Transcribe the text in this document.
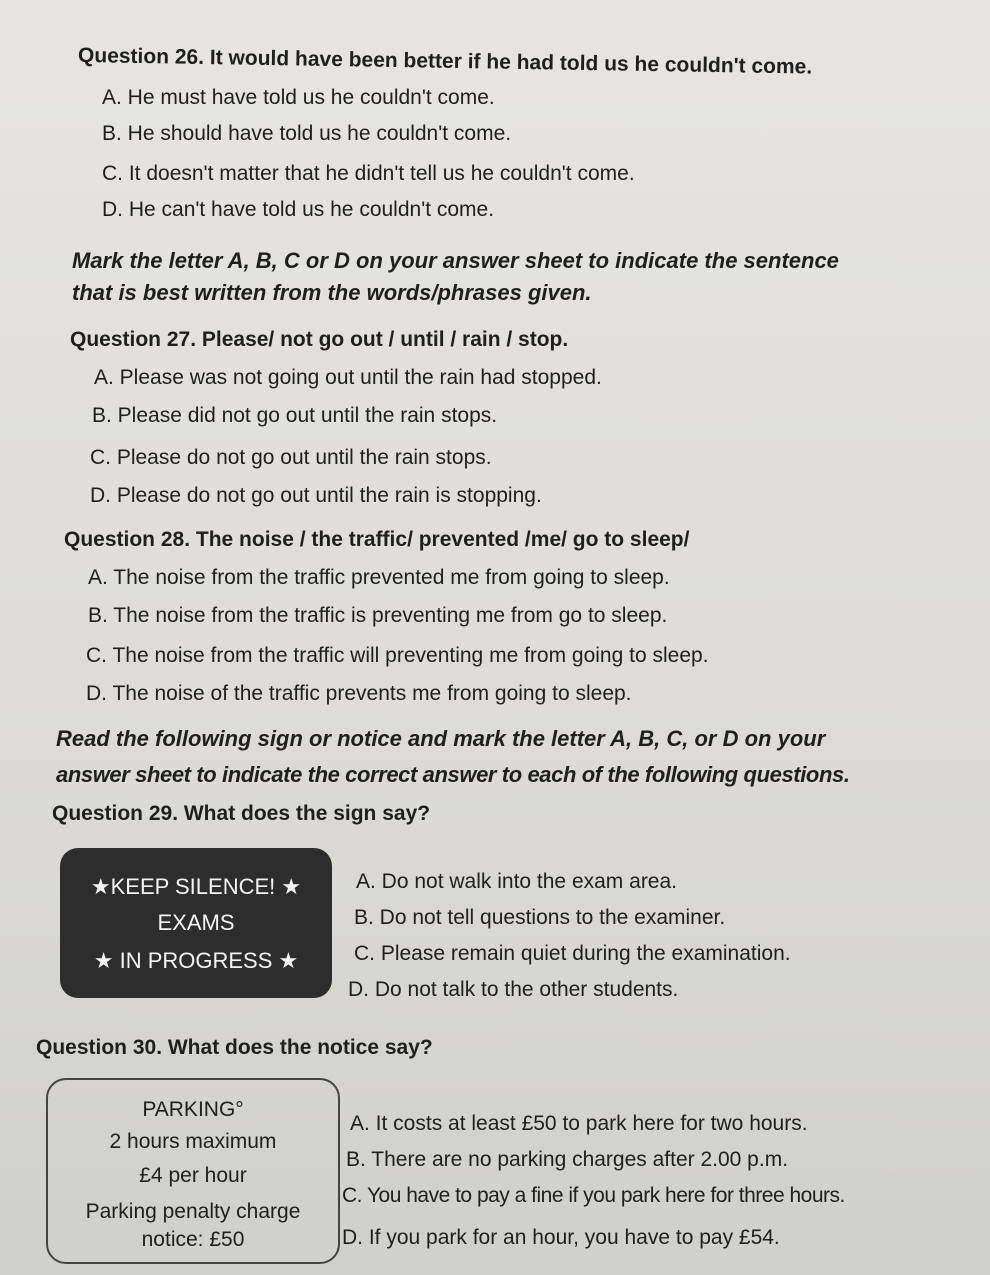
Question 26. It would have been better if he had told us he couldn't come.
A. He must have told us he couldn't come.
B. He should have told us he couldn't come.
C. It doesn't matter that he didn't tell us he couldn't come.
D. He can't have told us he couldn't come.
Mark the letter A, B, C or D on your answer sheet to indicate the sentence
that is best written from the words/phrases given.
Question 27. Please/ not go out / until / rain / stop.
A. Please was not going out until the rain had stopped.
B. Please did not go out until the rain stops.
C. Please do not go out until the rain stops.
D. Please do not go out until the rain is stopping.
Question 28. The noise / the traffic/ prevented /me/ go to sleep/
A. The noise from the traffic prevented me from going to sleep.
B. The noise from the traffic is preventing me from go to sleep.
C. The noise from the traffic will preventing me from going to sleep.
D. The noise of the traffic prevents me from going to sleep.
Read the following sign or notice and mark the letter A, B, C, or D on your
answer sheet to indicate the correct answer to each of the following questions.
Question 29. What does the sign say?
★KEEP SILENCE! ★
EXAMS
★ IN PROGRESS ★
A. Do not walk into the exam area.
B. Do not tell questions to the examiner.
C. Please remain quiet during the examination.
D. Do not talk to the other students.
Question 30. What does the notice say?
PARKING°
2 hours maximum
£4 per hour
Parking penalty charge
notice: £50
A. It costs at least £50 to park here for two hours.
B. There are no parking charges after 2.00 p.m.
C. You have to pay a fine if you park here for three hours.
D. If you park for an hour, you have to pay £54.
